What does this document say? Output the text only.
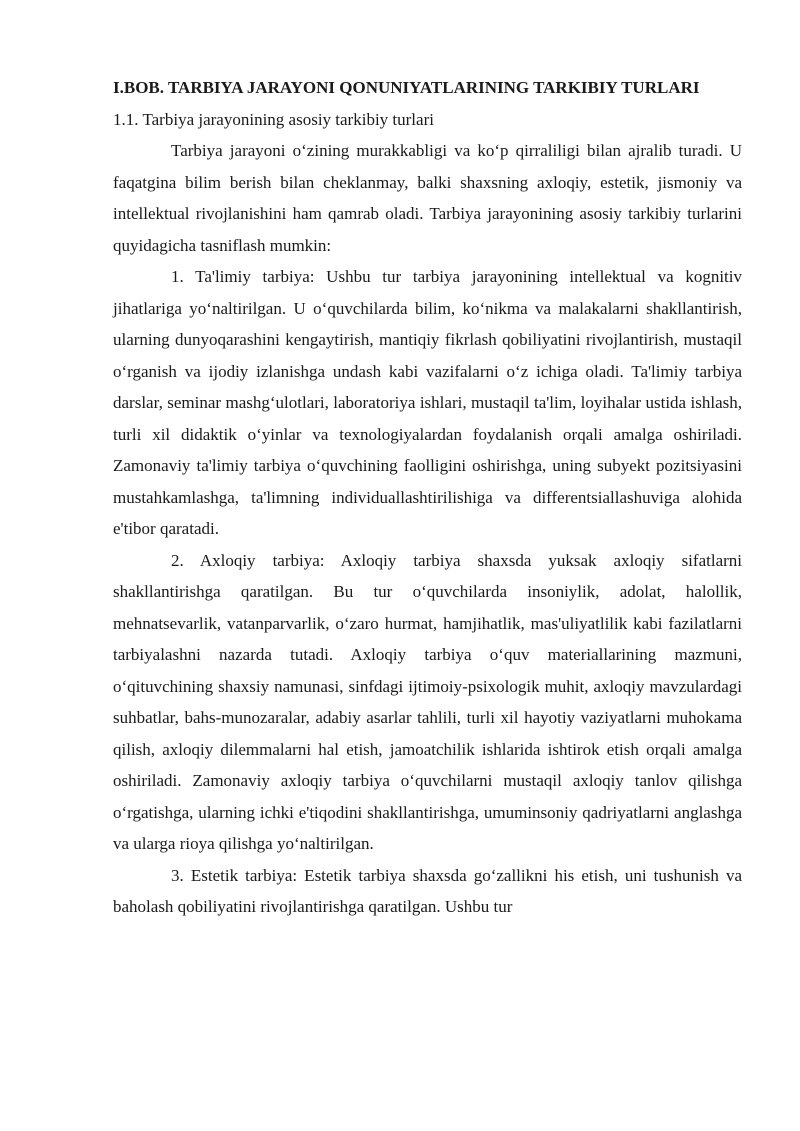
I.BOB. TARBIYA JARAYONI QONUNIYATLARINING TARKIBIY TURLARI

1.1. Tarbiya jarayonining asosiy tarkibiy turlari

Tarbiya jarayoni o‘zining murakkabligi va ko‘p qirraliligi bilan ajralib turadi. U faqatgina bilim berish bilan cheklanmay, balki shaxsning axloqiy, estetik, jismoniy va intellektual rivojlanishini ham qamrab oladi. Tarbiya jarayonining asosiy tarkibiy turlarini quyidagicha tasniflash mumkin:

1. Ta'limiy tarbiya: Ushbu tur tarbiya jarayonining intellektual va kognitiv jihatlariga yo‘naltirilgan. U o‘quvchilarda bilim, ko‘nikma va malakalarni shakllantirish, ularning dunyoqarashini kengaytirish, mantiqiy fikrlash qobiliyatini rivojlantirish, mustaqil o‘rganish va ijodiy izlanishga undash kabi vazifalarni o‘z ichiga oladi. Ta'limiy tarbiya darslar, seminar mashg‘ulotlari, laboratoriya ishlari, mustaqil ta'lim, loyihalar ustida ishlash, turli xil didaktik o‘yinlar va texnologiyalardan foydalanish orqali amalga oshiriladi. Zamonaviy ta'limiy tarbiya o‘quvchining faolligini oshirishga, uning subyekt pozitsiyasini mustahkamlashga, ta'limning individuallashtirilishiga va differentsiallashuviga alohida e'tibor qaratadi.

2. Axloqiy tarbiya: Axloqiy tarbiya shaxsda yuksak axloqiy sifatlarni shakllantirishga qaratilgan. Bu tur o‘quvchilarda insoniylik, adolat, halollik, mehnatsevarlik, vatanparvarlik, o‘zaro hurmat, hamjihatlik, mas'uliyatlilik kabi fazilatlarni tarbiyalashni nazarda tutadi. Axloqiy tarbiya o‘quv materiallarining mazmuni, o‘qituvchining shaxsiy namunasi, sinfdagi ijtimoiy-psixologik muhit, axloqiy mavzulardagi suhbatlar, bahs-munozaralar, adabiy asarlar tahlili, turli xil hayotiy vaziyatlarni muhokama qilish, axloqiy dilemmalarni hal etish, jamoatchilik ishlarida ishtirok etish orqali amalga oshiriladi. Zamonaviy axloqiy tarbiya o‘quvchilarni mustaqil axloqiy tanlov qilishga o‘rgatishga, ularning ichki e'tiqodini shakllantirishga, umuminsoniy qadriyatlarni anglashga va ularga rioya qilishga yo‘naltirilgan.

3. Estetik tarbiya: Estetik tarbiya shaxsda go‘zallikni his etish, uni tushunish va baholash qobiliyatini rivojlantirishga qaratilgan. Ushbu tur
